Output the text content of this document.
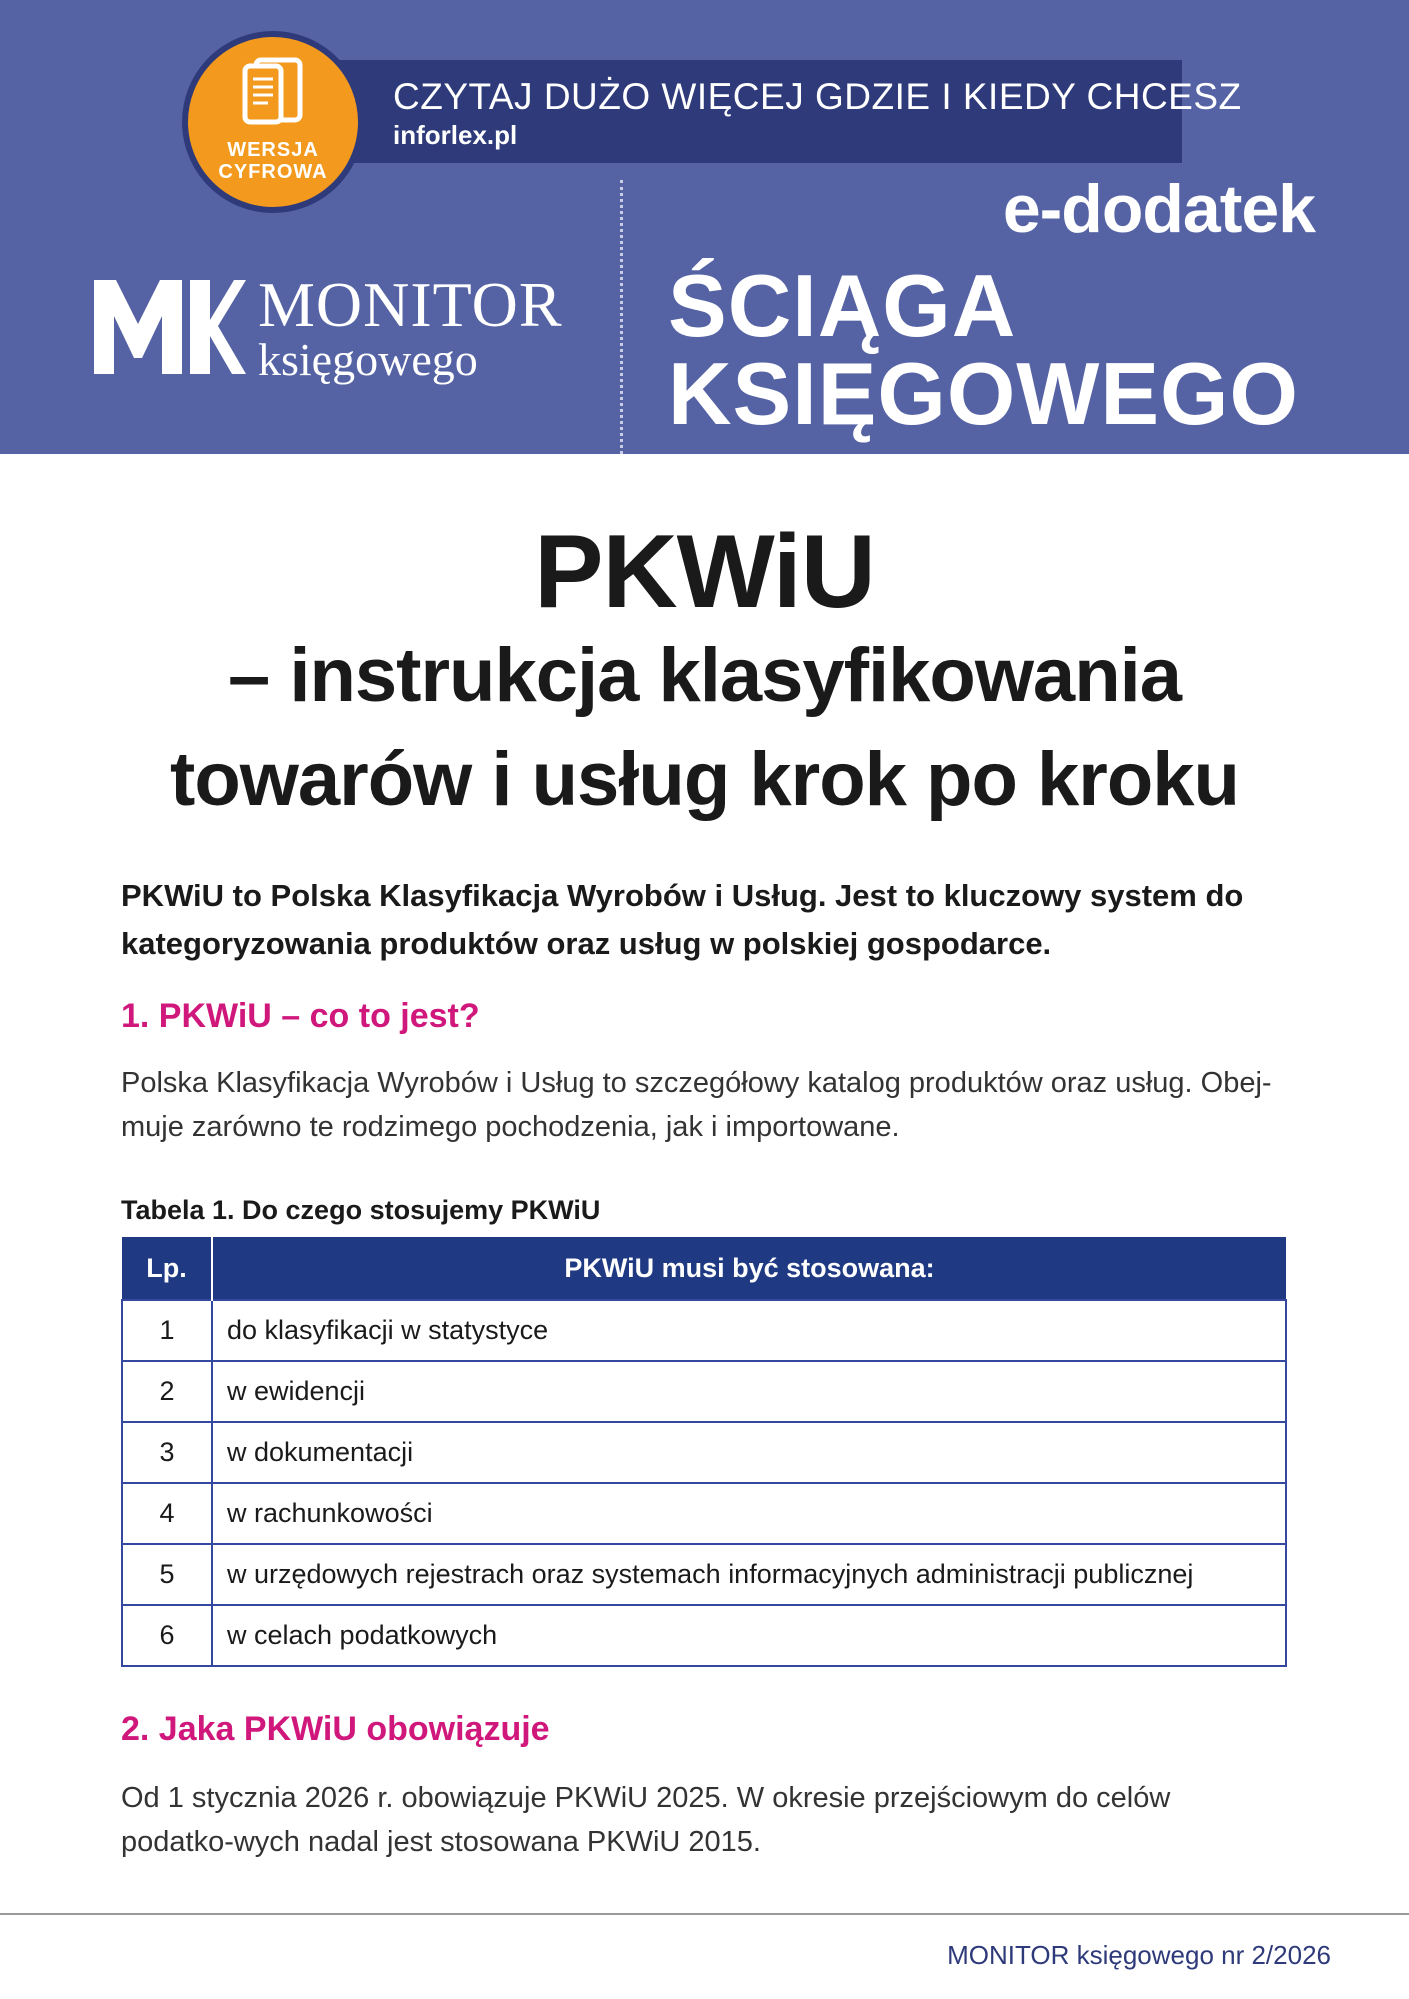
CZYTAJ DUŻO WIĘCEJ GDZIE I KIEDY CHCESZ
inforlex.pl
WERSJA
CYFROWA
MONITOR
księgowego
e-dodatek
ŚCIĄGA
KSIĘGOWEGO
PKWiU
– instrukcja klasyfikowania
towarów i usług krok po kroku
PKWiU to Polska Klasyfikacja Wyrobów i Usług. Jest to kluczowy system do kategoryzowania produktów oraz usług w polskiej gospodarce.
1. PKWiU – co to jest?
Polska Klasyfikacja Wyrobów i Usług to szczegółowy katalog produktów oraz usług. Obej-muje zarówno te rodzimego pochodzenia, jak i importowane.
Tabela 1. Do czego stosujemy PKWiU
Lp.	PKWiU musi być stosowana:
1	do klasyfikacji w statystyce
2	w ewidencji
3	w dokumentacji
4	w rachunkowości
5	w urzędowych rejestrach oraz systemach informacyjnych administracji publicznej
6	w celach podatkowych
2. Jaka PKWiU obowiązuje
Od 1 stycznia 2026 r. obowiązuje PKWiU 2025. W okresie przejściowym do celów podatko-wych nadal jest stosowana PKWiU 2015.
MONITOR księgowego nr 2/2026
